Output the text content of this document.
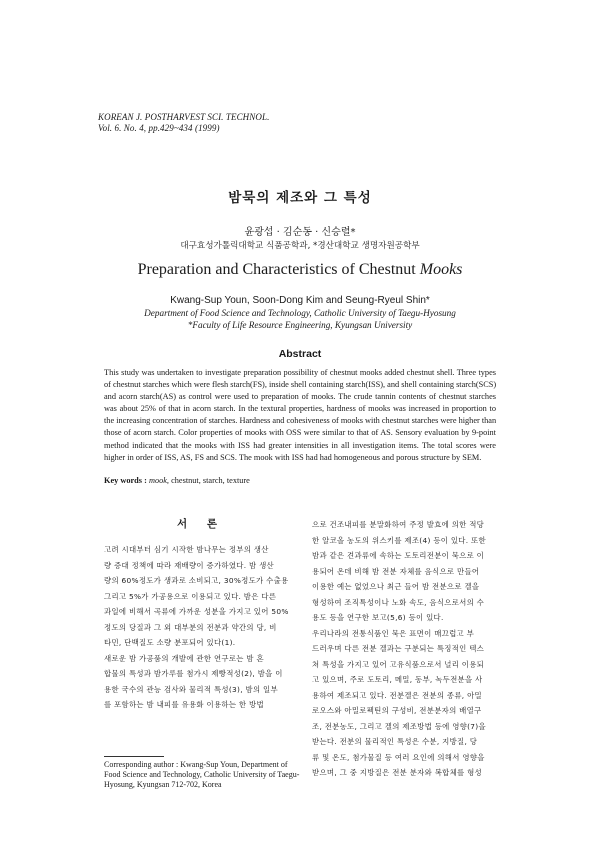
KOREAN J. POSTHARVEST SCI. TECHNOL.
Vol. 6. No. 4, pp.429~434 (1999)
밤묵의 제조와 그 특성
윤광섭 · 김순동 · 신승렬*
대구효성가톨릭대학교 식품공학과, *경산대학교 생명자원공학부
Preparation and Characteristics of Chestnut Mooks
Kwang-Sup Youn, Soon-Dong Kim and Seung-Ryeul Shin*
Department of Food Science and Technology, Catholic University of Taegu-Hyosung
*Faculty of Life Resource Engineering, Kyungsan University
Abstract
This study was undertaken to investigate preparation possibility of chestnut mooks added chestnut shell. Three types
of chestnut starches which were flesh starch(FS), inside shell containing starch(ISS), and shell containing starch(SCS)
and acorn starch(AS) as control were used to preparation of mooks. The crude tannin contents of chestnut starches
was about 25% of that in acorn starch. In the textural properties, hardness of mooks was increased in proportion to
the increasing concentration of starches. Hardness and cohesiveness of mooks with chestnut starches were higher than
those of acorn starch. Color properties of mooks with OSS were similar to that of AS. Sensory evaluation by 9-point
method indicated that the mooks with ISS had greater intensities in all investigation items. The total scores were
higher in order of ISS, AS, FS and SCS. The mook with ISS had had homogeneous and porous structure by SEM.
Key words : mook, chestnut, starch, texture
서 론
고려 시대부터 심기 시작한 밤나무는 정부의 생산
량 증대 정책에 따라 재배량이 증가하였다. 밤 생산
량의 60%정도가 생과로 소비되고, 30%정도가 수출용
그리고 5%가 가공용으로 이용되고 있다. 밤은 다른
과일에 비해서 곡류에 가까운 성분을 가지고 있어 50%
정도의 당질과 그 외 대부분의 전분과 약간의 당, 비
타민, 단백질도 소량 분포되어 있다(1).
새로운 밤 가공품의 개발에 관한 연구로는 밤 혼
합물의 특성과 밤가루를 첨가시 제빵적성(2), 밤을 이
용한 국수의 관능 검사와 물리적 특성(3), 밤의 일부
를 포함하는 밤 내피를 유용화 이용하는 한 방법
으로 건조내피를 분말화하여 주정 발효에 의한 적당
한 알코올 농도의 위스키를 제조(4) 등이 있다. 또한
밤과 같은 견과류에 속하는 도토리전분이 묵으로 이
용되어 온데 비해 밤 전분 자체를 음식으로 만들어
이용한 예는 없었으나 최근 들어 밤 전분으로 겔을
형성하여 조직특성이나 노화 속도, 음식으로서의 수
용도 등을 연구한 보고(5,6) 등이 있다.
우리나라의 전통식품인 묵은 표면이 매끄럽고 부
드러우며 다른 전분 겔과는 구분되는 특징적인 텍스
쳐 특성을 가지고 있어 고유식품으로서 널리 이용되
고 있으며, 주로 도토리, 메밀, 동부, 녹두전분을 사
용하여 제조되고 있다. 전분겔은 전분의 종류, 아밀
로오스와 아밀로펙틴의 구성비, 전분분자의 배열구
조, 전분농도, 그리고 겔의 제조방법 등에 영향(7)을
받는다. 전분의 물리적인 특성은 수분, 지방질, 당
류 및 온도, 첨가물질 등 여러 요인에 의해서 영향을
받으며, 그 중 지방질은 전분 분자와 복합체를 형성
Corresponding author : Kwang-Sup Youn, Department of Food Science and Technology, Catholic University of Taegu-Hyosung, Kyungsan 712-702, Korea
